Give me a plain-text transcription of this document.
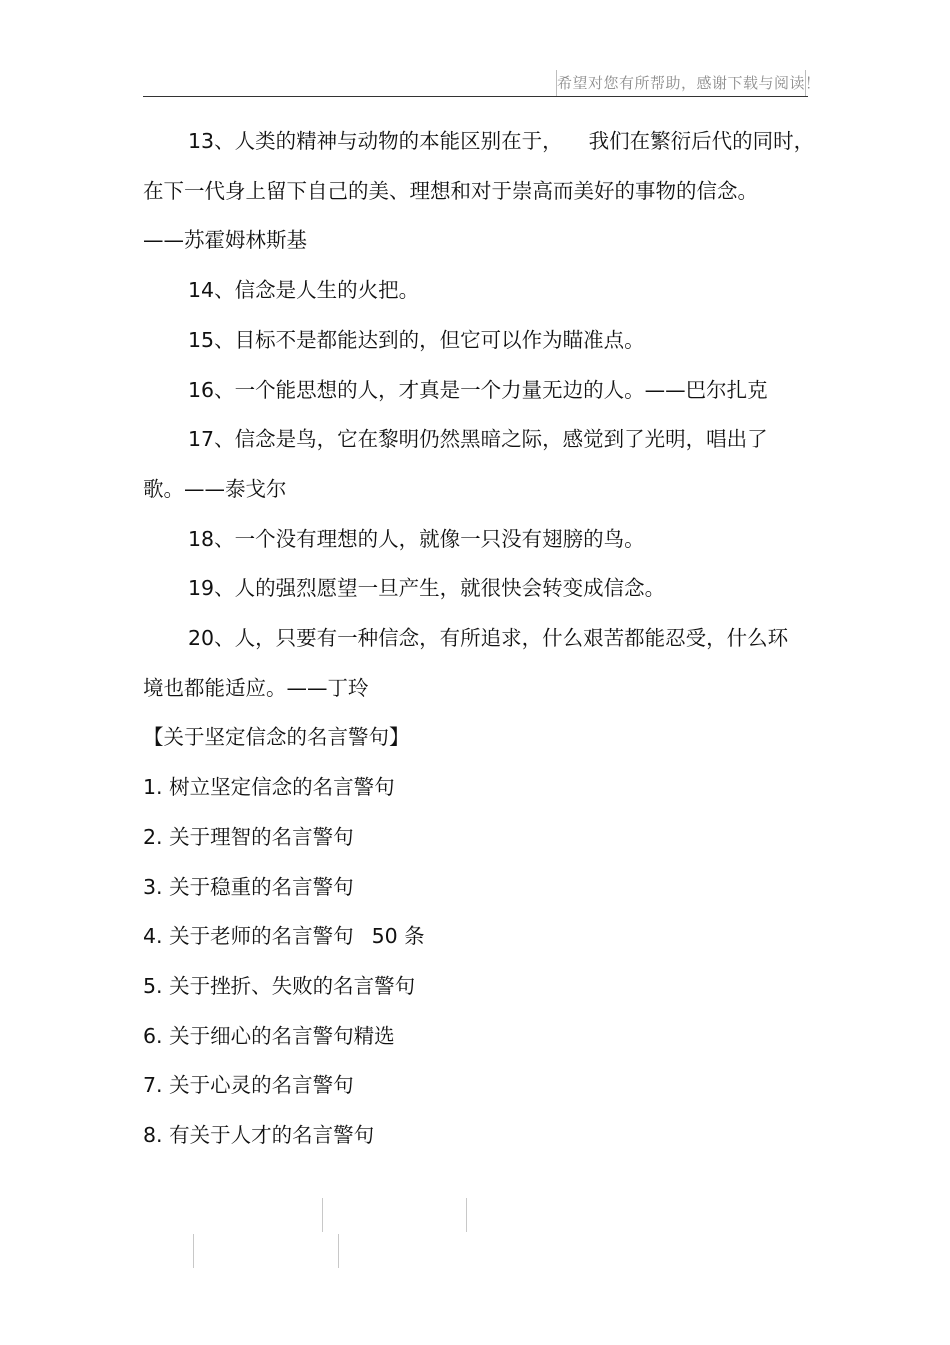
希望对您有所帮助，感谢下载与阅读！

13、人类的精神与动物的本能区别在于， 我们在繁衍后代的同时，

在下一代身上留下自己的美、理想和对于崇高而美好的事物的信念。

——苏霍姆林斯基

14、信念是人生的火把。

15、目标不是都能达到的，但它可以作为瞄准点。

16、一个能思想的人，才真是一个力量无边的人。——巴尔扎克

17、信念是鸟，它在黎明仍然黑暗之际，感觉到了光明，唱出了歌。——泰戈尔

18、一个没有理想的人，就像一只没有翅膀的鸟。

19、人的强烈愿望一旦产生，就很快会转变成信念。

20、人，只要有一种信念，有所追求，什么艰苦都能忍受，什么环境也都能适应。——丁玲

【关于坚定信念的名言警句】

1. 树立坚定信念的名言警句

2. 关于理智的名言警句

3. 关于稳重的名言警句

4. 关于老师的名言警句 50 条

5. 关于挫折、失败的名言警句

6. 关于细心的名言警句精选

7. 关于心灵的名言警句

8. 有关于人才的名言警句
